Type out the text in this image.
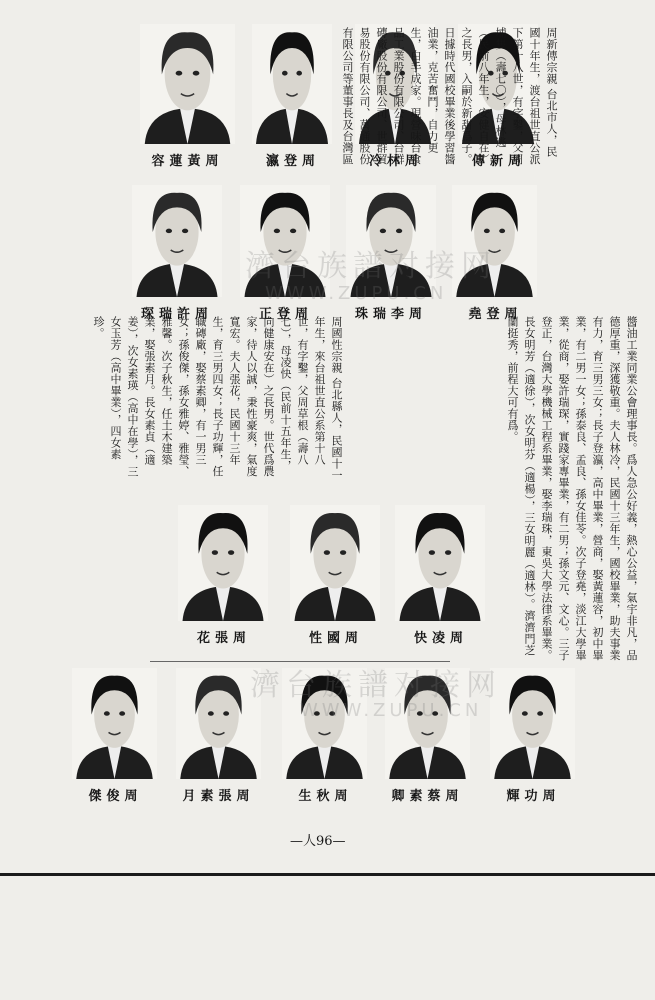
周新傳
周林冷
周登瀛
周黃蓮容
周登堯
周李瑞珠
周登正
周許瑞琛
周凌快
周國性
周張花
周功輝
周蔡素卿
周秋生
周張素月
周俊傑
周新傳宗親 台北市人，民國十年生，渡台祖世直公派下第十八世，有字鑿，父周埔隻（壽七〇），母林逃（民前八年生，安健自在）之長男，入嗣於新甜爲子。日據時代國校畢業後學習醬油業，克苦奮鬥，自力更生，白手成家。現營味台食品工業股份有限公司、台群磚廠股份有限公司、世群貿易股份有限公司、萬通股份有限公司等董事長及台灣區
醬油工業同業公會理事長。爲人急公好義，熱心公益，氣宇非凡，品德厚重，深獲敬重。夫人林冷，民國十三年生，國校畢業，助夫事業有力，育三男三女；長子登瀛，高中畢業，營商，娶黃蓮容，初中畢業，有二男一女；孫泰良、孟良、孫女佳苓。次子登堯，淡江大學畢業，從商，娶許瑞琛，實踐家專畢業，有二男；孫文元、文心。三子登正，台灣大學機械工程系畢業，娶李瑞珠，東吳大學法律系畢業。長女明芳（適徐），次女明芬（適楊），三女明麗（適林）。濟濟門芝蘭挺秀，前程大可有爲。
周國性宗親 台北縣人，民國十一年生，來台祖世直公系第十八世，有字鑿，父周草根（壽八七），母凌快（民前十五年生，向健康安在）之長男。世代爲農家，待人以誠，秉性豪爽，氣度寬宏。夫人張花，民國十三年生，育三男四女；長子功輝，任職磚廠，娶蔡素卿，有一男三女；孫俊傑，孫女雅婷、雅瑩、雅馨。次子秋生，任土木建築業，娶張素月。長女素貞（適姜），次女素瑛（高中在學），三女玉芳（高中畢業），四女素珍。
濟台族譜对接网
WWW.ZUPU.CN
濟台族譜对接网
WWW.ZUPU.CN
—人96—
